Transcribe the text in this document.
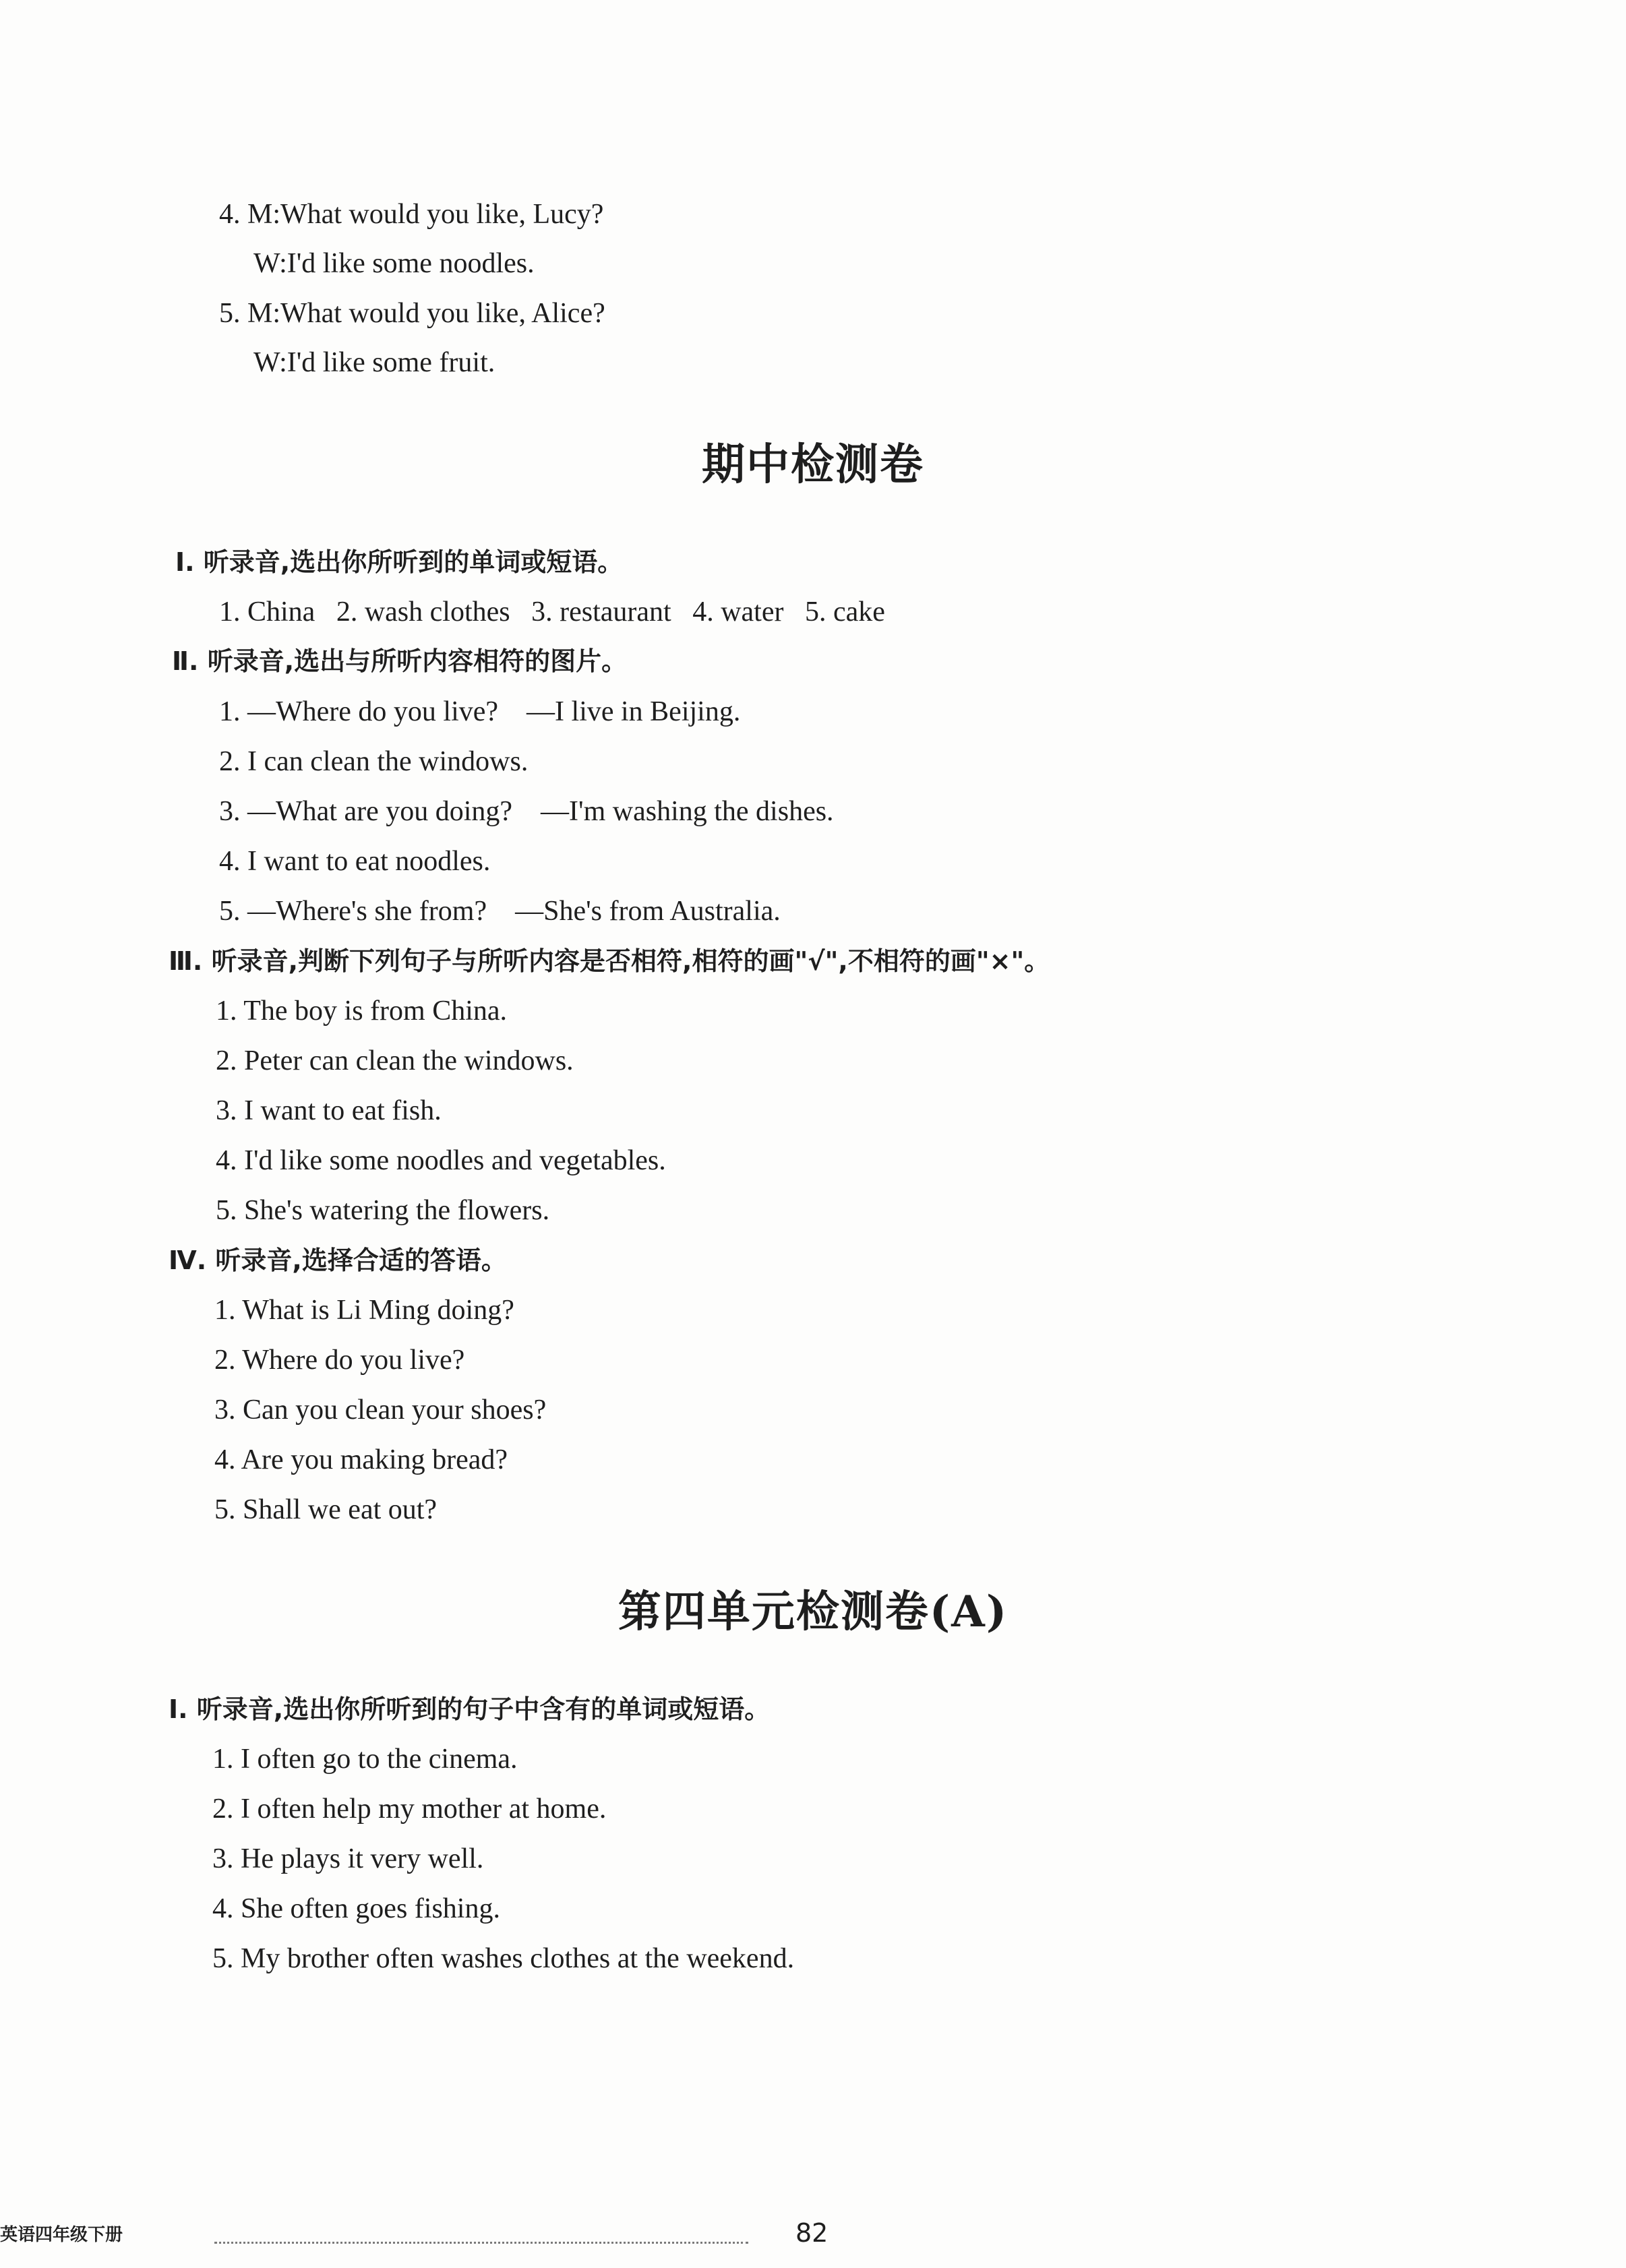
4. M:What would you like, Lucy?
W:I'd like some noodles.
5. M:What would you like, Alice?
W:I'd like some fruit.
期中检测卷
Ⅰ. 听录音,选出你所听到的单词或短语。
1. China   2. wash clothes   3. restaurant   4. water   5. cake
Ⅱ. 听录音,选出与所听内容相符的图片。
1. —Where do you live?    —I live in Beijing.
2. I can clean the windows.
3. —What are you doing?    —I'm washing the dishes.
4. I want to eat noodles.
5. —Where's she from?    —She's from Australia.
Ⅲ. 听录音,判断下列句子与所听内容是否相符,相符的画"√",不相符的画"×"。
1. The boy is from China.
2. Peter can clean the windows.
3. I want to eat fish.
4. I'd like some noodles and vegetables.
5. She's watering the flowers.
Ⅳ. 听录音,选择合适的答语。
1. What is Li Ming doing?
2. Where do you live?
3. Can you clean your shoes?
4. Are you making bread?
5. Shall we eat out?
第四单元检测卷(A)
Ⅰ. 听录音,选出你所听到的句子中含有的单词或短语。
1. I often go to the cinema.
2. I often help my mother at home.
3. He plays it very well.
4. She often goes fishing.
5. My brother often washes clothes at the weekend.
英语四年级下册	82
